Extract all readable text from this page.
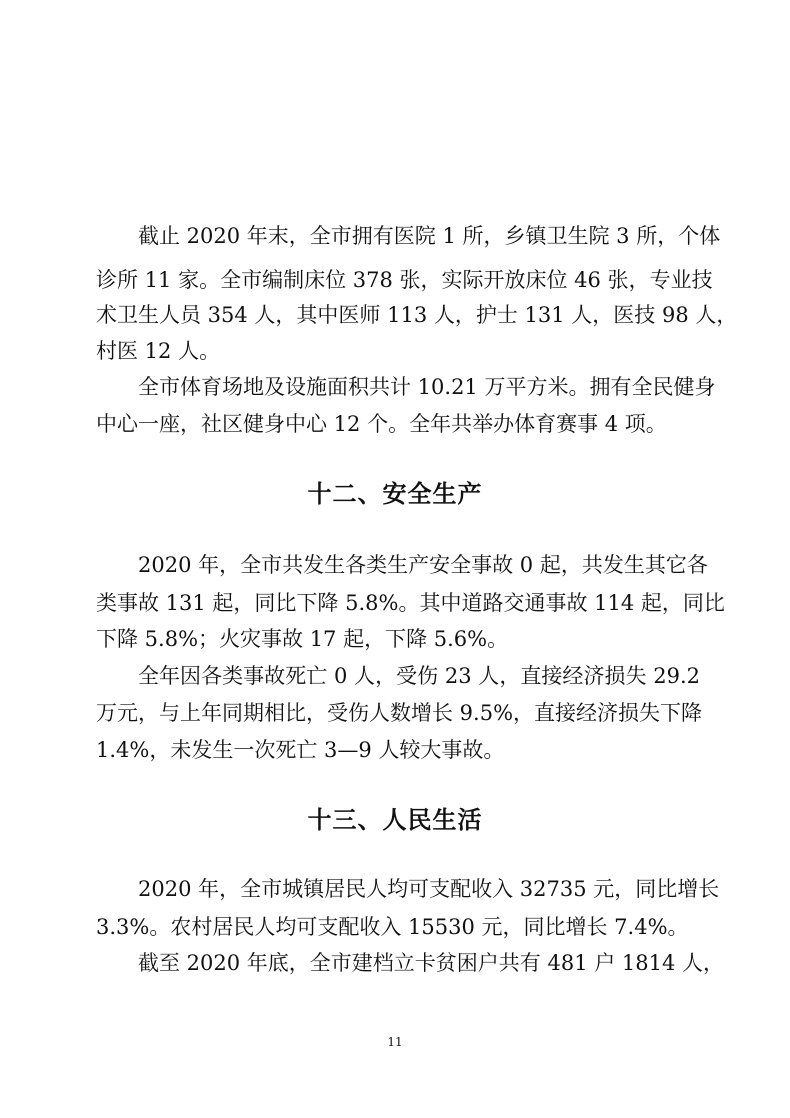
截止 2020 年末，全市拥有医院 1 所，乡镇卫生院 3 所，个体
诊所 11 家。全市编制床位 378 张，实际开放床位 46 张，专业技
术卫生人员 354 人，其中医师 113 人，护士 131 人，医技 98 人，
村医 12 人。
全市体育场地及设施面积共计 10.21 万平方米。拥有全民健身
中心一座，社区健身中心 12 个。全年共举办体育赛事 4 项。
十二、安全生产
2020 年，全市共发生各类生产安全事故 0 起，共发生其它各
类事故 131 起，同比下降 5.8%。其中道路交通事故 114 起，同比
下降 5.8%；火灾事故 17 起，下降 5.6%。
全年因各类事故死亡 0 人，受伤 23 人，直接经济损失 29.2
万元，与上年同期相比，受伤人数增长 9.5%，直接经济损失下降
1.4%，未发生一次死亡 3—9 人较大事故。
十三、人民生活
2020 年，全市城镇居民人均可支配收入 32735 元，同比增长
3.3%。农村居民人均可支配收入 15530 元，同比增长 7.4%。
截至 2020 年底，全市建档立卡贫困户共有 481 户 1814 人，
11
